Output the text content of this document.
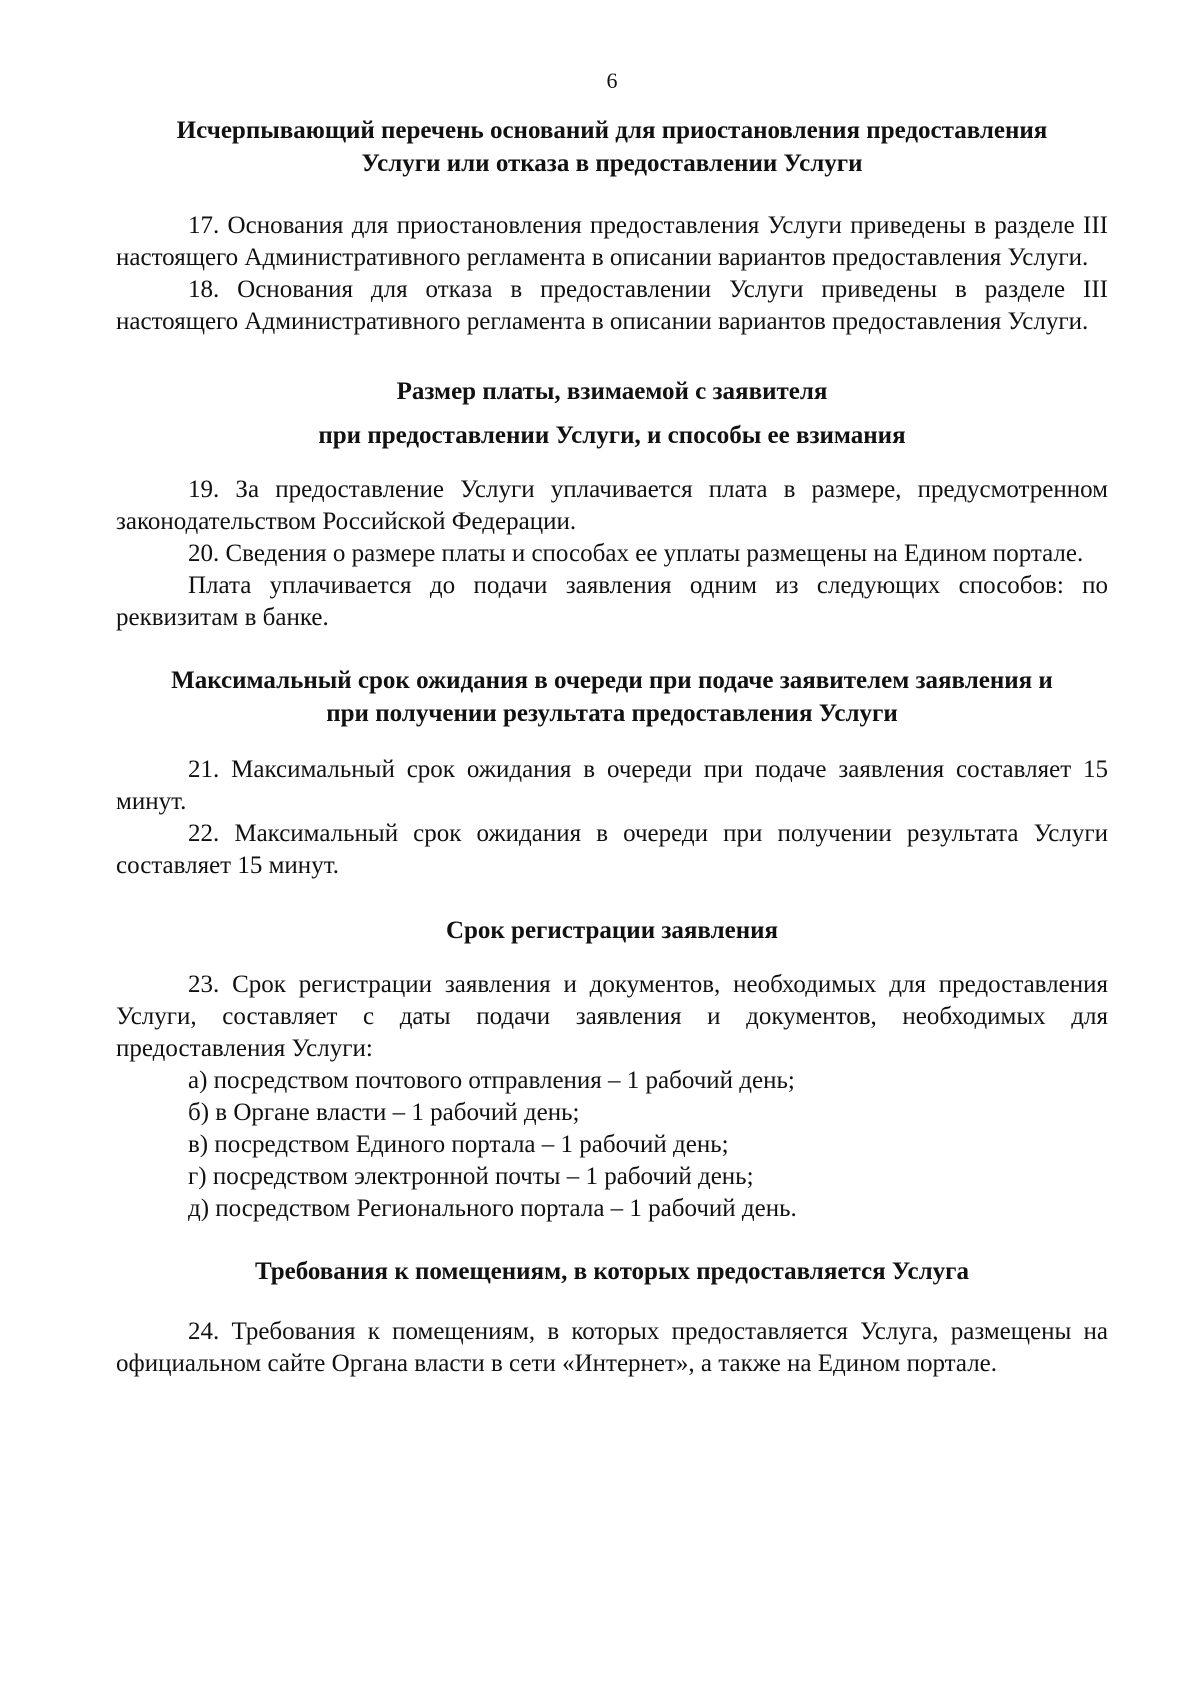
6
Исчерпывающий перечень оснований для приостановления предоставления
Услуги или отказа в предоставлении Услуги

17. Основания для приостановления предоставления Услуги приведены в разделе III настоящего Административного регламента в описании вариантов предоставления Услуги.

18. Основания для отказа в предоставлении Услуги приведены в разделе III настоящего Административного регламента в описании вариантов предоставления Услуги.

Размер платы, взимаемой с заявителя
при предоставлении Услуги, и способы ее взимания

19. За предоставление Услуги уплачивается плата в размере, предусмотренном законодательством Российской Федерации.

20. Сведения о размере платы и способах ее уплаты размещены на Едином портале.

Плата уплачивается до подачи заявления одним из следующих способов: по реквизитам в банке.

Максимальный срок ожидания в очереди при подаче заявителем заявления и
при получении результата предоставления Услуги

21. Максимальный срок ожидания в очереди при подаче заявления составляет 15 минут.

22. Максимальный срок ожидания в очереди при получении результата Услуги составляет 15 минут.

Срок регистрации заявления

23. Срок регистрации заявления и документов, необходимых для предоставления Услуги, составляет с даты подачи заявления и документов, необходимых для предоставления Услуги:

а) посредством почтового отправления – 1 рабочий день;

б) в Органе власти – 1 рабочий день;

в) посредством Единого портала – 1 рабочий день;

г) посредством электронной почты – 1 рабочий день;

д) посредством Регионального портала – 1 рабочий день.

Требования к помещениям, в которых предоставляется Услуга

24. Требования к помещениям, в которых предоставляется Услуга, размещены на официальном сайте Органа власти в сети «Интернет», а также на Едином портале.
